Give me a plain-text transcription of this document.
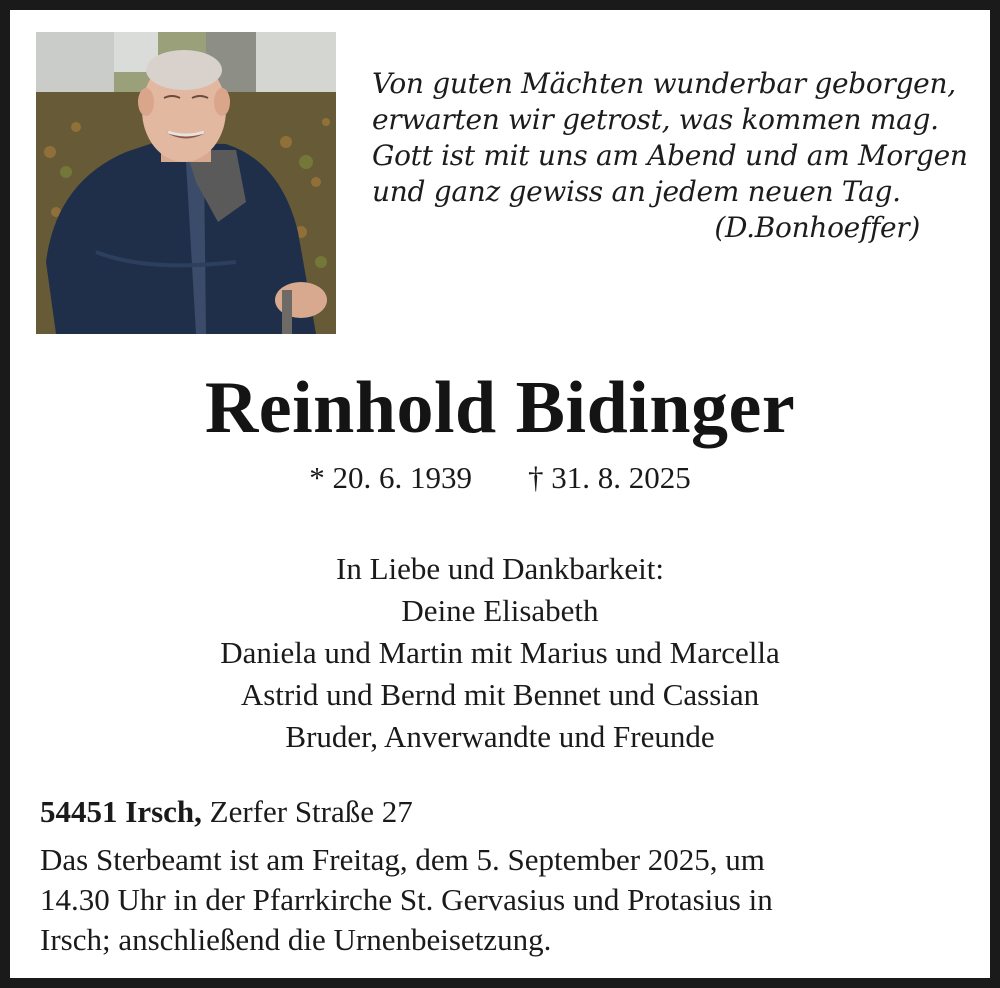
Von guten Mächten wunderbar geborgen,
erwarten wir getrost, was kommen mag.
Gott ist mit uns am Abend und am Morgen
und ganz gewiss an jedem neuen Tag.
(D.Bonhoeffer)
Reinhold Bidinger
* 20. 6. 1939 † 31. 8. 2025
In Liebe und Dankbarkeit:
Deine Elisabeth
Daniela und Martin mit Marius und Marcella
Astrid und Bernd mit Bennet und Cassian
Bruder, Anverwandte und Freunde
54451 Irsch, Zerfer Straße 27
Das Sterbeamt ist am Freitag, dem 5. September 2025, um
14.30 Uhr in der Pfarrkirche St. Gervasius und Protasius in
Irsch; anschließend die Urnenbeisetzung.
